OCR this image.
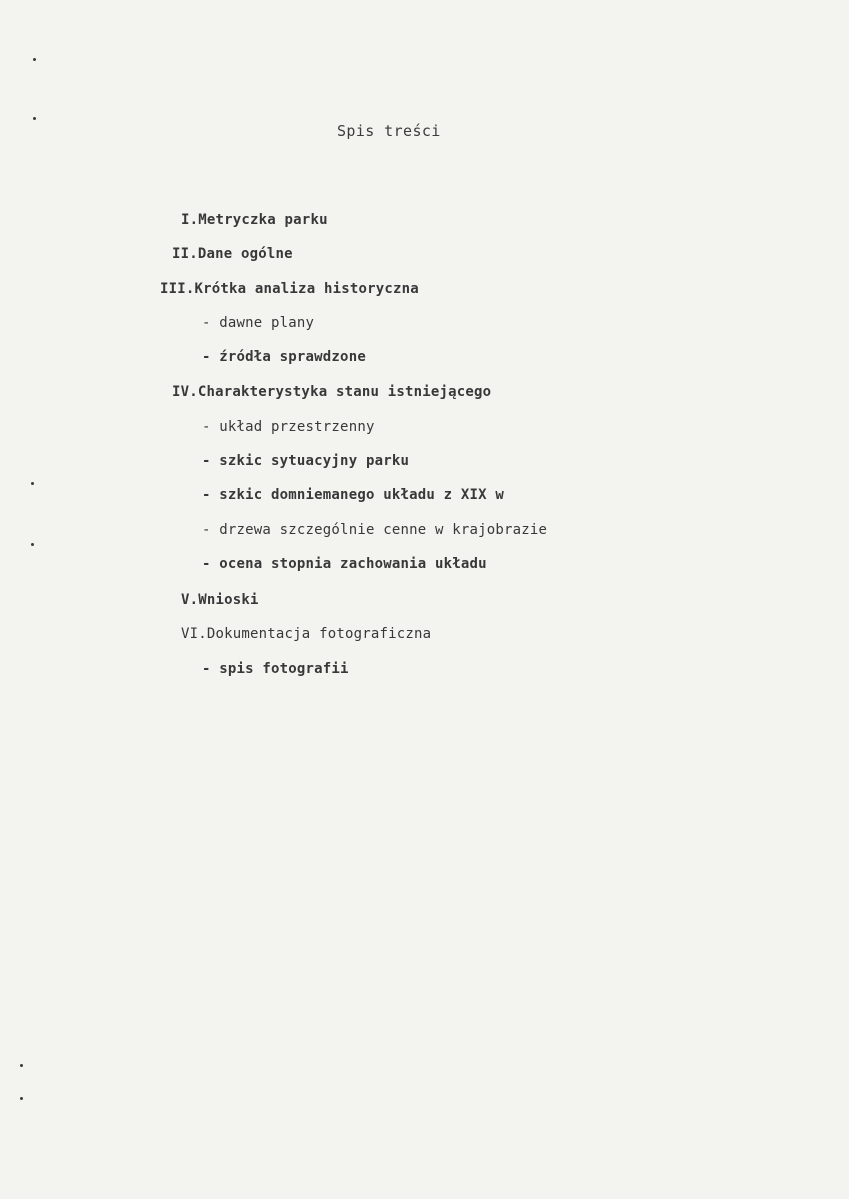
Spis treści
I.Metryczka parku
II.Dane ogólne
III.Krótka analiza historyczna
- dawne plany
- źródła sprawdzone
IV.Charakterystyka stanu istniejącego
- układ przestrzenny
- szkic sytuacyjny parku
- szkic domniemanego układu z XIX w
- drzewa szczególnie cenne w krajobrazie
- ocena stopnia zachowania układu
V.Wnioski
VI.Dokumentacja fotograficzna
- spis fotografii
